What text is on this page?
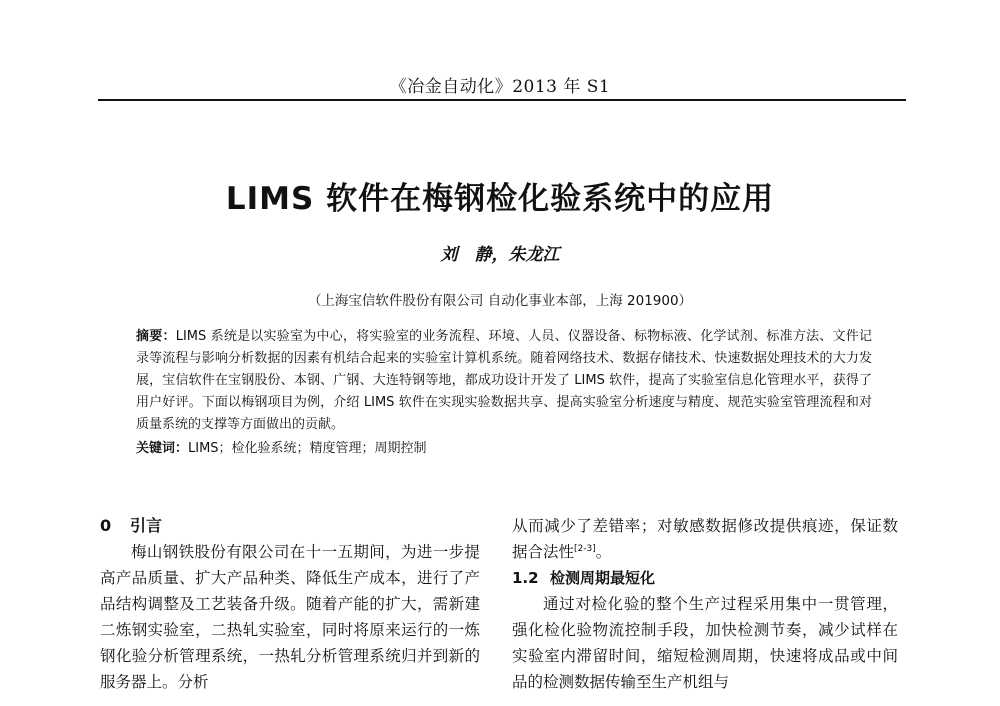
《冶金自动化》2013 年 S1
LIMS 软件在梅钢检化验系统中的应用
刘　静，朱龙江
（上海宝信软件股份有限公司 自动化事业本部，上海 201900）

摘要：LIMS 系统是以实验室为中心，将实验室的业务流程、环境、人员、仪器设备、标物标液、化学试剂、标准方法、文件记录等流程与影响分析数据的因素有机结合起来的实验室计算机系统。随着网络技术、数据存储技术、快速数据处理技术的大力发展，宝信软件在宝钢股份、本钢、广钢、大连特钢等地，都成功设计开发了 LIMS 软件，提高了实验室信息化管理水平，获得了用户好评。下面以梅钢项目为例，介绍 LIMS 软件在实现实验数据共享、提高实验室分析速度与精度、规范实验室管理流程和对质量系统的支撑等方面做出的贡献。

关键词：LIMS；检化验系统；精度管理；周期控制

0 引言

梅山钢铁股份有限公司在十一五期间，为进一步提高产品质量、扩大产品种类、降低生产成本，进行了产品结构调整及工艺装备升级。随着产能的扩大，需新建二炼钢实验室，二热轧实验室，同时将原来运行的一炼钢化验分析管理系统，一热轧分析管理系统归并到新的服务器上。分析

从而减少了差错率；对敏感数据修改提供痕迹，保证数据合法性[2-3]。

1.2 检测周期最短化

通过对检化验的整个生产过程采用集中一贯管理，强化检化验物流控制手段，加快检测节奏，减少试样在实验室内滞留时间，缩短检测周期，快速将成品或中间品的检测数据传输至生产机组与
